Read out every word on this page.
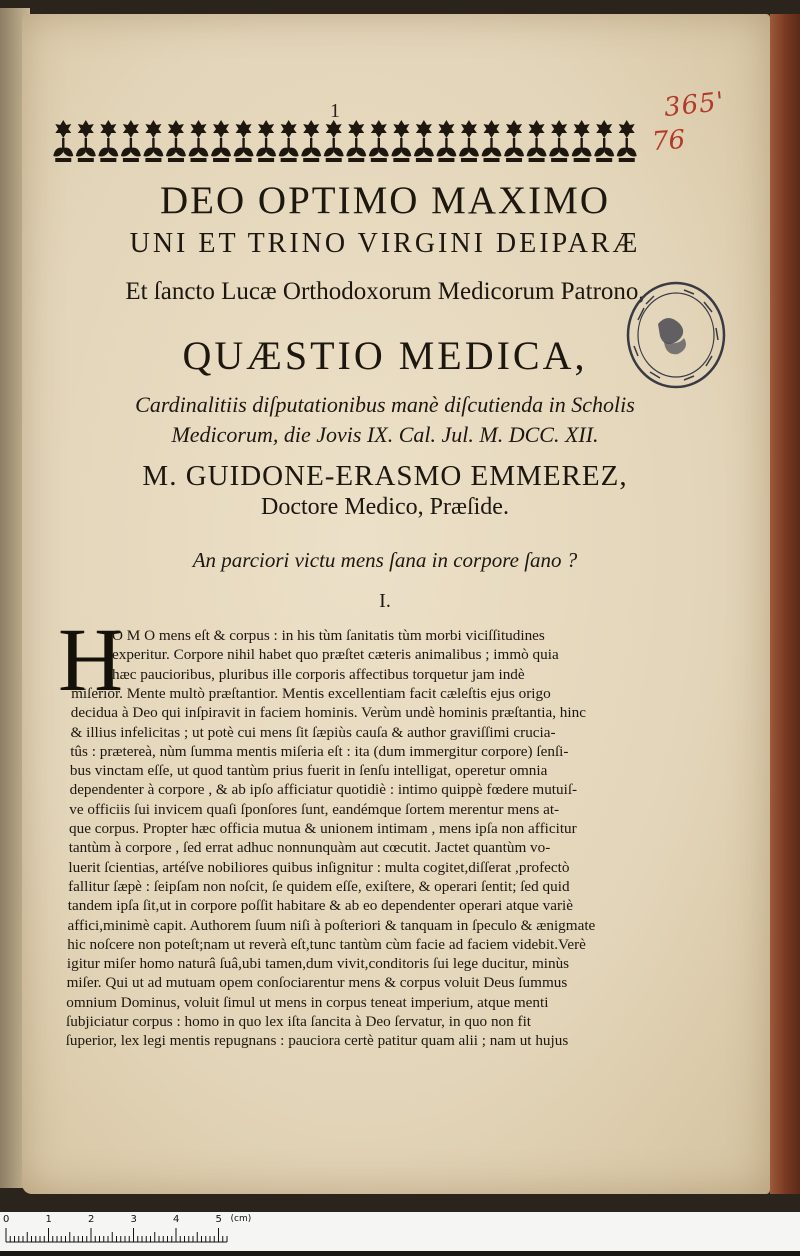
1	365'
76
DEO OPTIMO MAXIMO
UNI ET TRINO VIRGINI DEIPARÆ
Et ſancto Lucæ Orthodoxorum Medicorum Patrono,
QUÆSTIO MEDICA,
Cardinalitiis diſputationibus manè diſcutienda in Scholis
Medicorum, die Jovis IX. Cal. Jul. M. DCC. XII.
M. GUIDONE-ERASMO EMMEREZ,
Doctore Medico, Præſide.
An parciori victu mens ſana in corpore ſano ?
I.
H
O M O mens eſt & corpus : in his tùm ſanitatis tùm morbi viciſſitudines
experitur. Corpore nihil habet quo præſtet cæteris animalibus ; immò quia
hæc paucioribus, pluribus ille corporis affectibus torquetur jam indè
miſerior. Mente multò præſtantior. Mentis excellentiam facit cæleſtis ejus origo
decidua à Deo qui inſpiravit in faciem hominis. Verùm undè hominis præſtantia, hinc
& illius infelicitas ; ut potè cui mens ſit ſæpiùs cauſa & author graviſſimi crucia-
tûs : prætereà, nùm ſumma mentis miſeria eſt : ita (dum immergitur corpore) ſenſi-
bus vinctam eſſe, ut quod tantùm prius fuerit in ſenſu intelligat, operetur omnia
dependenter à corpore , & ab ipſo afficiatur quotidiè : intimo quippè fœdere mutuiſ-
ve officiis ſui invicem quaſi ſponſores ſunt, eandémque ſortem merentur mens at-
que corpus. Propter hæc officia mutua & unionem intimam , mens ipſa non afficitur
tantùm à corpore , ſed errat adhuc nonnunquàm aut cœcutit. Jactet quantùm vo-
luerit ſcientias, artéſve nobiliores quibus inſignitur : multa cogitet,diſſerat ,profectò
fallitur ſæpè : ſeipſam non noſcit, ſe quidem eſſe, exiſtere, & operari ſentit; ſed quid
tandem ipſa ſit,ut in corpore poſſit habitare & ab eo dependenter operari atque variè
affici,minimè capit. Authorem ſuum niſi à poſteriori & tanquam in ſpeculo & ænigmate
hic noſcere non poteſt;nam ut reverà eſt,tunc tantùm cùm facie ad faciem videbit.Verè
igitur miſer homo naturâ ſuâ,ubi tamen,dum vivit,conditoris ſui lege ducitur, minùs
miſer. Qui ut ad mutuam opem conſociarentur mens & corpus voluit Deus ſummus
omnium Dominus, voluit ſimul ut mens in corpus teneat imperium, atque menti
ſubjiciatur corpus : homo in quo lex iſta ſancita à Deo ſervatur, in quo non fit
ſuperior, lex legi mentis repugnans : pauciora certè patitur quam alii ; nam ut hujus
0	1	2	3	4	5 (cm)
